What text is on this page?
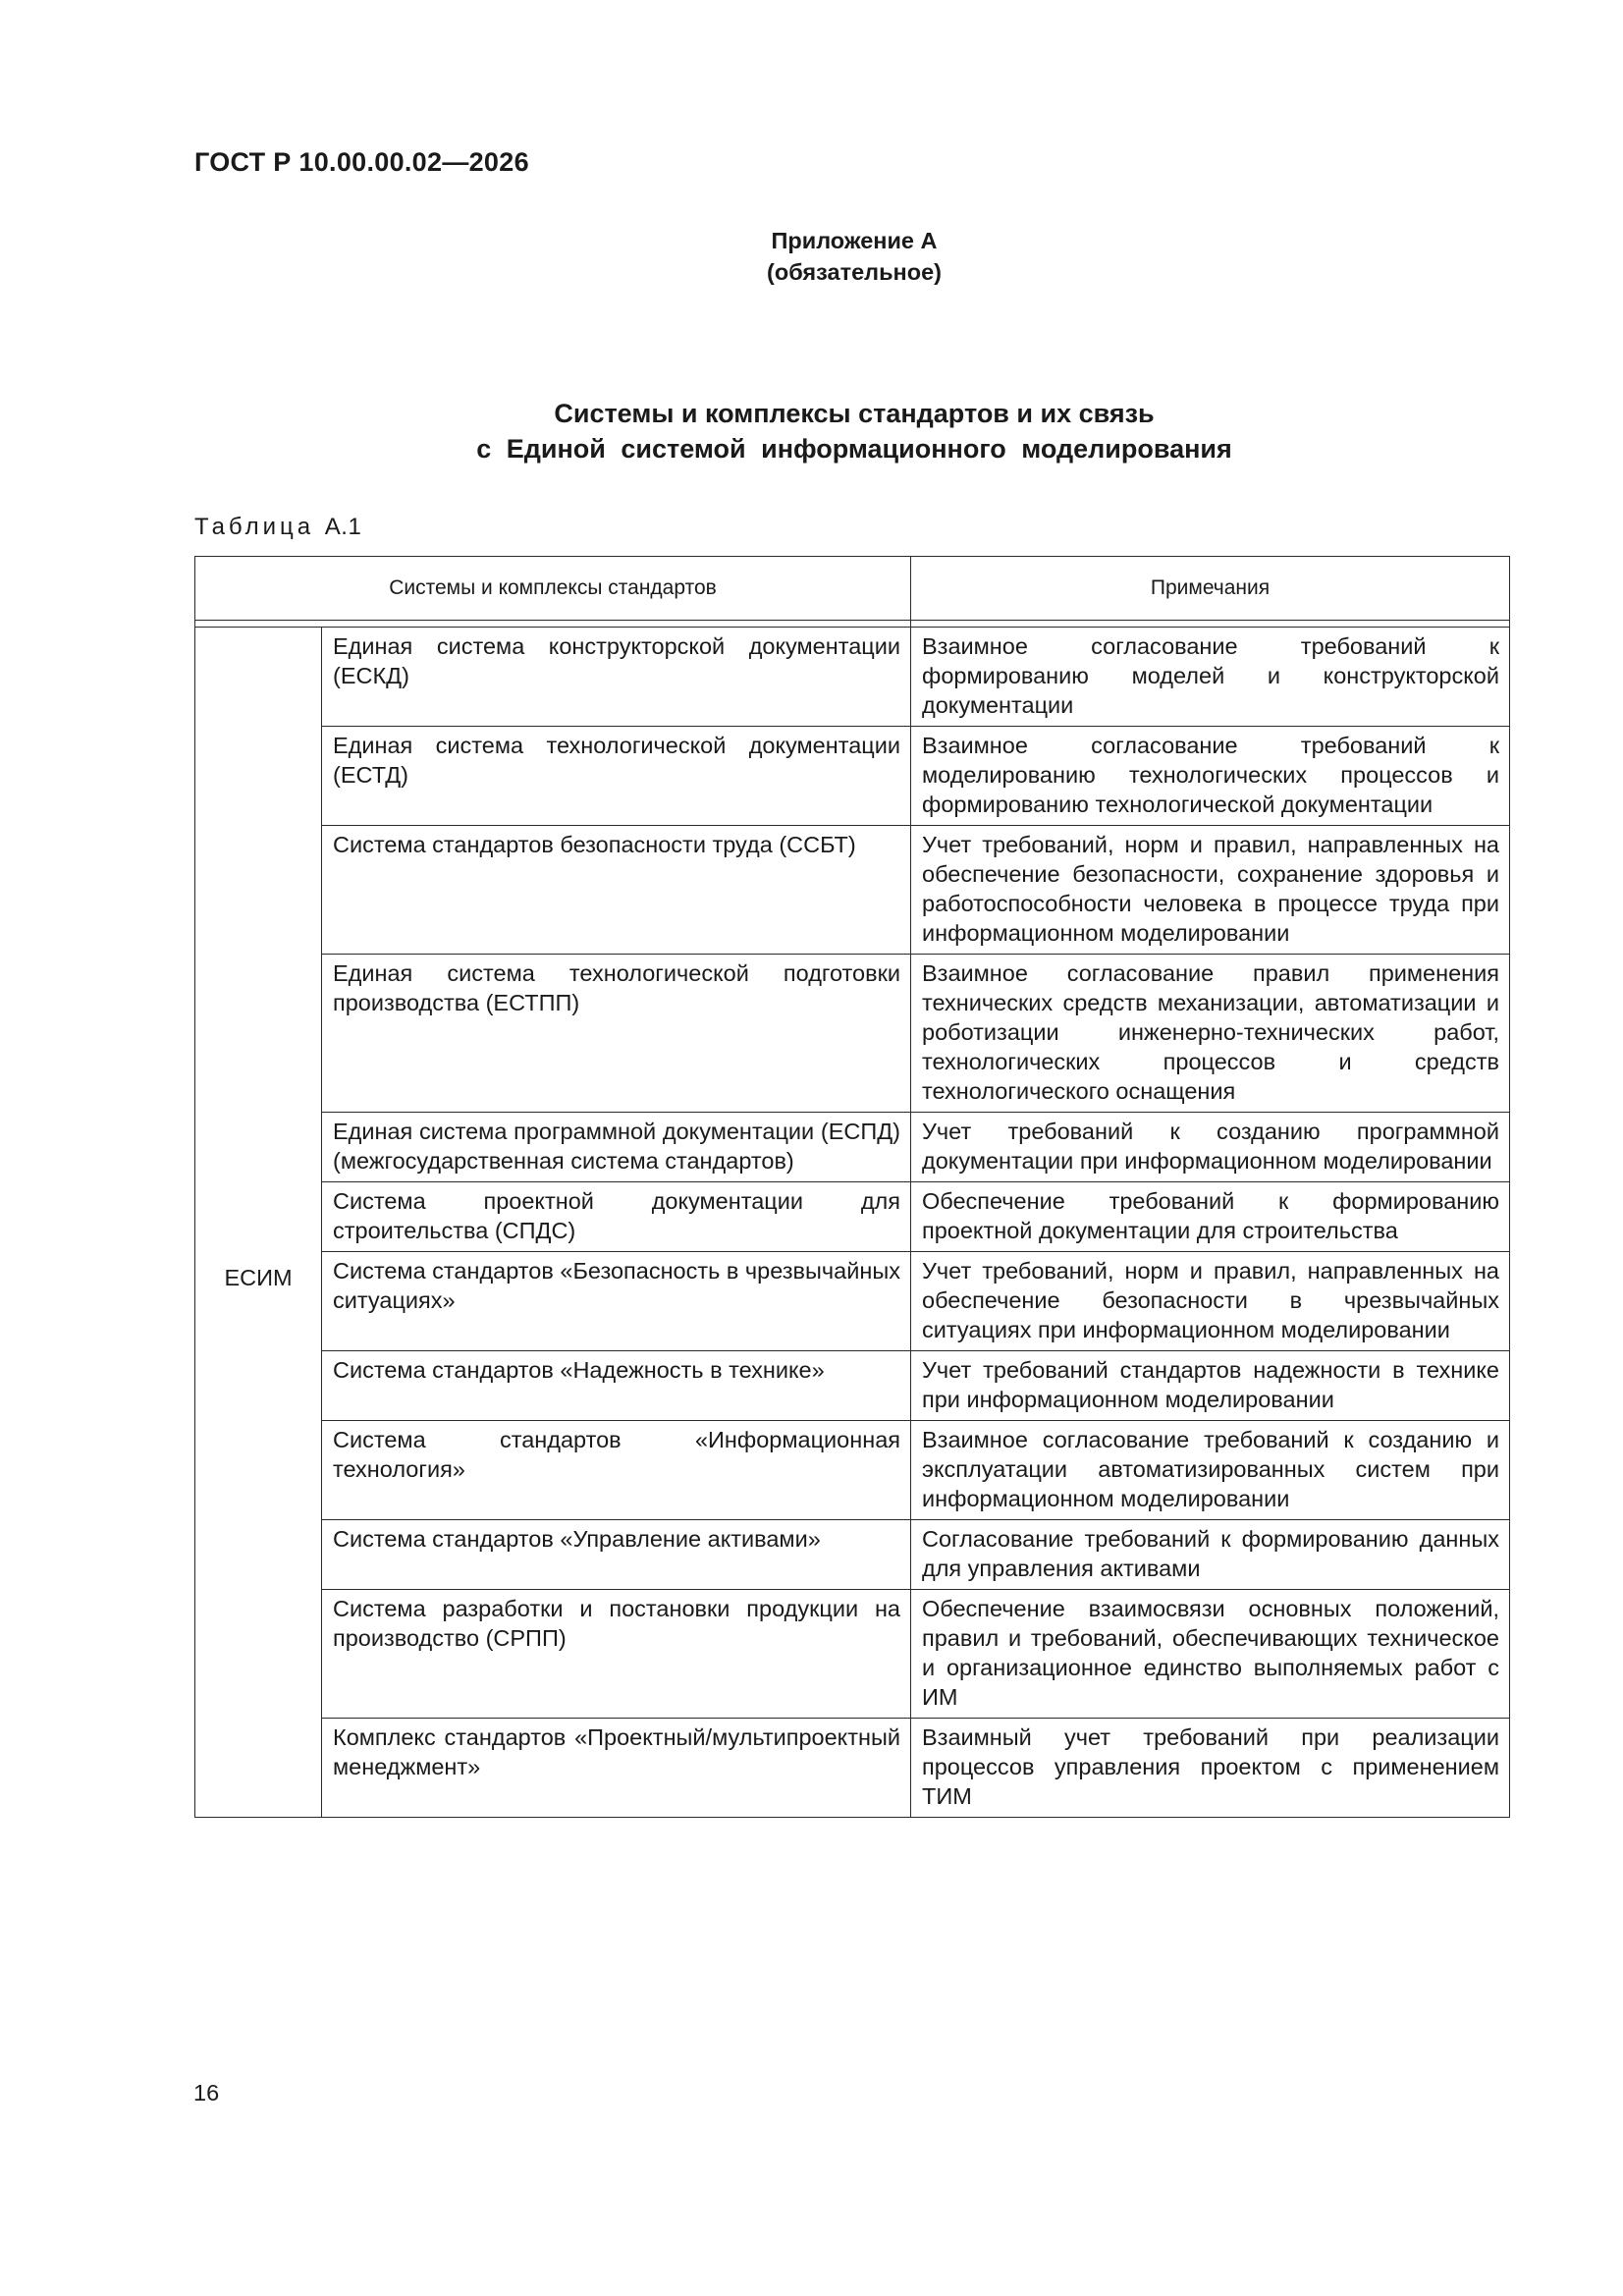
ГОСТ Р 10.00.00.02—2026
Приложение А
(обязательное)
Системы и комплексы стандартов и их связь
с Единой системой информационного моделирования
Таблица А.1
Системы и комплексы стандартов		Примечания

ЕСИМ	Единая система конструкторской документации (ЕСКД)	Взаимное согласование требований к формированию моделей и конструкторской документации
	Единая система технологической документации (ЕСТД)	Взаимное согласование требований к моделированию технологических процессов и формированию технологической документации
	Система стандартов безопасности труда (ССБТ)	Учет требований, норм и правил, направленных на обеспечение безопасности, сохранение здоровья и работоспособности человека в процессе труда при информационном моделировании
	Единая система технологической подготовки производства (ЕСТПП)	Взаимное согласование правил применения технических средств механизации, автоматизации и роботизации инженерно-технических работ, технологических процессов и средств технологического оснащения
	Единая система программной документации (ЕСПД) (межгосударственная система стандартов)	Учет требований к созданию программной документации при информационном моделировании
	Система проектной документации для строительства (СПДС)	Обеспечение требований к формированию проектной документации для строительства
	Система стандартов «Безопасность в чрезвычайных ситуациях»	Учет требований, норм и правил, направленных на обеспечение безопасности в чрезвычайных ситуациях при информационном моделировании
	Система стандартов «Надежность в технике»	Учет требований стандартов надежности в технике при информационном моделировании
	Система стандартов «Информационная технология»	Взаимное согласование требований к созданию и эксплуатации автоматизированных систем при информационном моделировании
	Система стандартов «Управление активами»	Согласование требований к формированию данных для управления активами
	Система разработки и постановки продукции на производство (СРПП)	Обеспечение взаимосвязи основных положений, правил и требований, обеспечивающих техническое и организационное единство выполняемых работ с ИМ
	Комплекс стандартов «Проектный/мультипроектный менеджмент»	Взаимный учет требований при реализации процессов управления проектом с применением ТИМ
16
